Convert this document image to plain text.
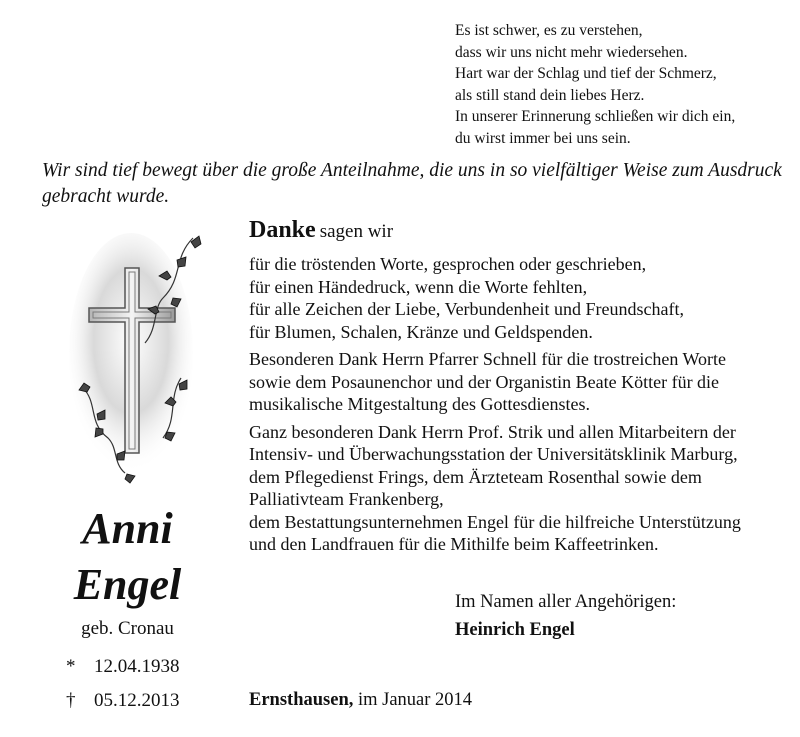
Es ist schwer, es zu verstehen,
dass wir uns nicht mehr wiedersehen.
Hart war der Schlag und tief der Schmerz,
als still stand dein liebes Herz.
In unserer Erinnerung schließen wir dich ein,
du wirst immer bei uns sein.
Wir sind tief bewegt über die große Anteilnahme, die uns in so vielfältiger Weise zum Ausdruck gebracht wurde.
Anni
Engel
geb. Cronau
* 12.04.1938
† 05.12.2013
Danke sagen wir
für die tröstenden Worte, gesprochen oder geschrieben,
für einen Händedruck, wenn die Worte fehlten,
für alle Zeichen der Liebe, Verbundenheit und Freundschaft,
für Blumen, Schalen, Kränze und Geldspenden.
Besonderen Dank Herrn Pfarrer Schnell für die trostreichen Worte
sowie dem Posaunenchor und der Organistin Beate Kötter für die
musikalische Mitgestaltung des Gottesdienstes.
Ganz besonderen Dank Herrn Prof. Strik und allen Mitarbeitern der
Intensiv- und Überwachungsstation der Universitätsklinik Marburg,
dem Pflegedienst Frings, dem Ärzteteam Rosenthal sowie dem
Palliativteam Frankenberg,
dem Bestattungsunternehmen Engel für die hilfreiche Unterstützung
und den Landfrauen für die Mithilfe beim Kaffeetrinken.
Im Namen aller Angehörigen:
Heinrich Engel
Ernsthausen, im Januar 2014
